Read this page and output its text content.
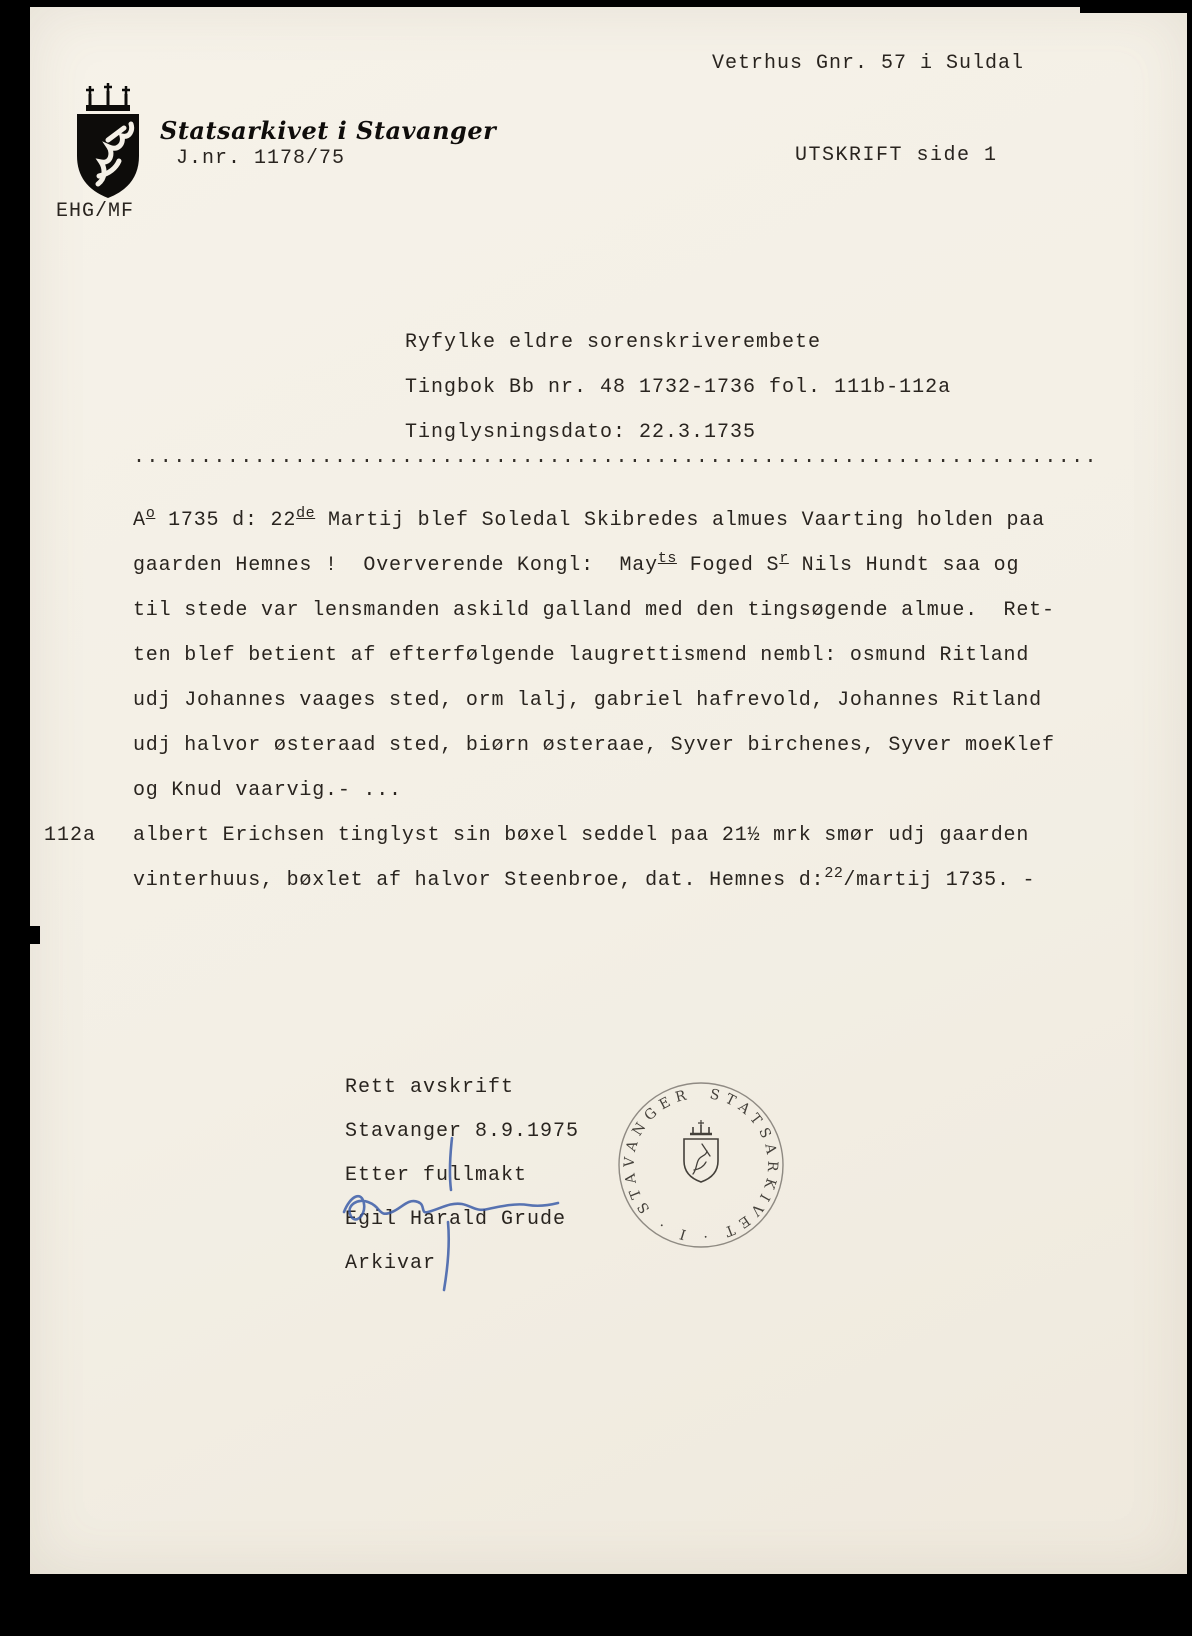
Statsarkivet i Stavanger
J.nr. 1178/75
EHG/MF
Vetrhus Gnr. 57 i Suldal
UTSKRIFT side 1
Ryfylke eldre sorenskriverembete
Tingbok Bb nr. 48 1732-1736 fol. 111b-112a
Tinglysningsdato: 22.3.1735
........................................................................
$A^o$ 1735 d: 22de Martij blef Soledal Skibredes almues Vaarting holden paa
gaarden Hemnes !  Oververende Kongl:  May$^{ts}$ Foged $S^r$ Nils Hundt saa og
til stede var lensmanden askild galland med den tingsøgende almue.  Ret-
ten blef betient af efterfølgende laugrettismend nembl: osmund Ritland
udj Johannes vaages sted, orm lalj, gabriel hafrevold, Johannes Ritland
udj halvor østeraad sted, biørn østeraae, Syver birchenes, Syver moeKlef
og Knud vaarvig.- ...
albert Erichsen tinglyst sin bøxel seddel paa 21½ mrk smør udj gaarden
vinterhuus, bøxlet af halvor Steenbroe, dat. Hemnes d:$^{22}$/martij 1735. -
112a
Rett avskrift
Stavanger 8.9.1975
Etter fullmakt
Egil Harald Grude
Arkivar
STATSARKIVET · I · STAVANGER
